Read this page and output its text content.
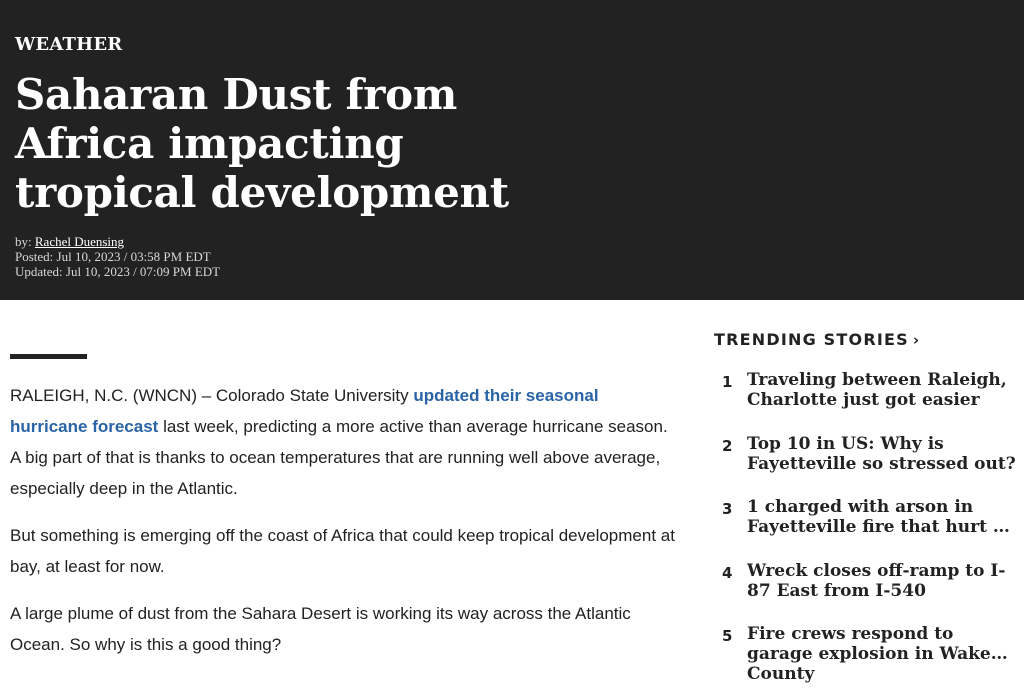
WEATHER
Saharan Dust from Africa impacting tropical development
by: Rachel Duensing
Posted: Jul 10, 2023 / 03:58 PM EDT
Updated: Jul 10, 2023 / 07:09 PM EDT

RALEIGH, N.C. (WNCN) – Colorado State University updated their seasonal hurricane forecast last week, predicting a more active than average hurricane season. A big part of that is thanks to ocean temperatures that are running well above average, especially deep in the Atlantic.

But something is emerging off the coast of Africa that could keep tropical development at bay, at least for now.

A large plume of dust from the Sahara Desert is working its way across the Atlantic Ocean. So why is this a good thing?

TRENDING STORIES ›
1 Traveling between Raleigh, Charlotte just got easier
2 Top 10 in US: Why is Fayetteville so stressed out?
3 1 charged with arson in Fayetteville fire that hurt …
4 Wreck closes off-ramp to I-87 East from I-540
5 Fire crews respond to garage explosion in Wake County
